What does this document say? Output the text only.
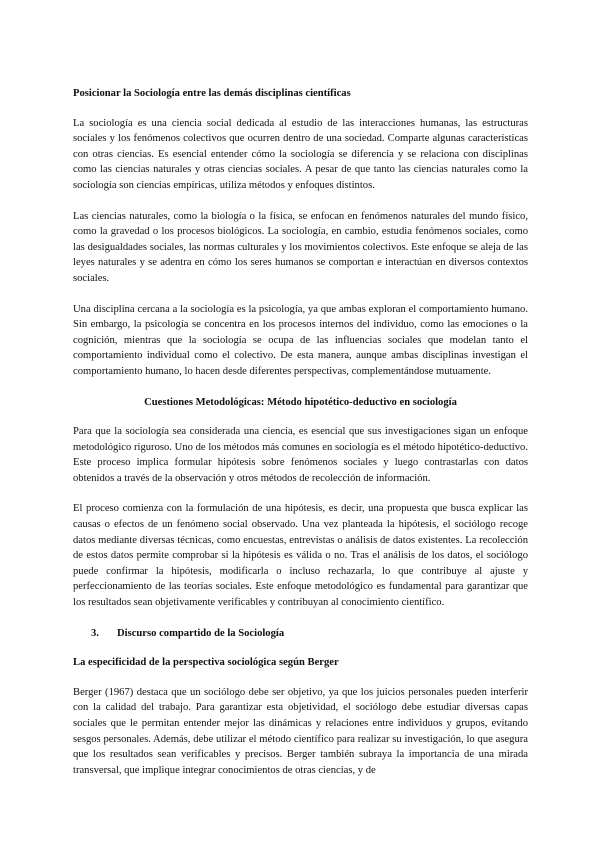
Posicionar la Sociología entre las demás disciplinas científicas

La sociología es una ciencia social dedicada al estudio de las interacciones humanas, las estructuras sociales y los fenómenos colectivos que ocurren dentro de una sociedad. Comparte algunas características con otras ciencias. Es esencial entender cómo la sociología se diferencia y se relaciona con disciplinas como las ciencias naturales y otras ciencias sociales. A pesar de que tanto las ciencias naturales como la sociología son ciencias empíricas, utiliza métodos y enfoques distintos.

Las ciencias naturales, como la biología o la física, se enfocan en fenómenos naturales del mundo físico, como la gravedad o los procesos biológicos. La sociología, en cambio, estudia fenómenos sociales, como las desigualdades sociales, las normas culturales y los movimientos colectivos. Este enfoque se aleja de las leyes naturales y se adentra en cómo los seres humanos se comportan e interactúan en diversos contextos sociales.

Una disciplina cercana a la sociología es la psicología, ya que ambas exploran el comportamiento humano. Sin embargo, la psicología se concentra en los procesos internos del individuo, como las emociones o la cognición, mientras que la sociología se ocupa de las influencias sociales que modelan tanto el comportamiento individual como el colectivo. De esta manera, aunque ambas disciplinas investigan el comportamiento humano, lo hacen desde diferentes perspectivas, complementándose mutuamente.

Cuestiones Metodológicas: Método hipotético-deductivo en sociología

Para que la sociología sea considerada una ciencia, es esencial que sus investigaciones sigan un enfoque metodológico riguroso. Uno de los métodos más comunes en sociología es el método hipotético-deductivo. Este proceso implica formular hipótesis sobre fenómenos sociales y luego contrastarlas con datos obtenidos a través de la observación y otros métodos de recolección de información.

El proceso comienza con la formulación de una hipótesis, es decir, una propuesta que busca explicar las causas o efectos de un fenómeno social observado. Una vez planteada la hipótesis, el sociólogo recoge datos mediante diversas técnicas, como encuestas, entrevistas o análisis de datos existentes. La recolección de estos datos permite comprobar si la hipótesis es válida o no. Tras el análisis de los datos, el sociólogo puede confirmar la hipótesis, modificarla o incluso rechazarla, lo que contribuye al ajuste y perfeccionamiento de las teorías sociales. Este enfoque metodológico es fundamental para garantizar que los resultados sean objetivamente verificables y contribuyan al conocimiento científico.

3. Discurso compartido de la Sociología
La especificidad de la perspectiva sociológica según Berger

Berger (1967) destaca que un sociólogo debe ser objetivo, ya que los juicios personales pueden interferir con la calidad del trabajo. Para garantizar esta objetividad, el sociólogo debe estudiar diversas capas sociales que le permitan entender mejor las dinámicas y relaciones entre individuos y grupos, evitando sesgos personales. Además, debe utilizar el método científico para realizar su investigación, lo que asegura que los resultados sean verificables y precisos. Berger también subraya la importancia de una mirada transversal, que implique integrar conocimientos de otras ciencias, y de
